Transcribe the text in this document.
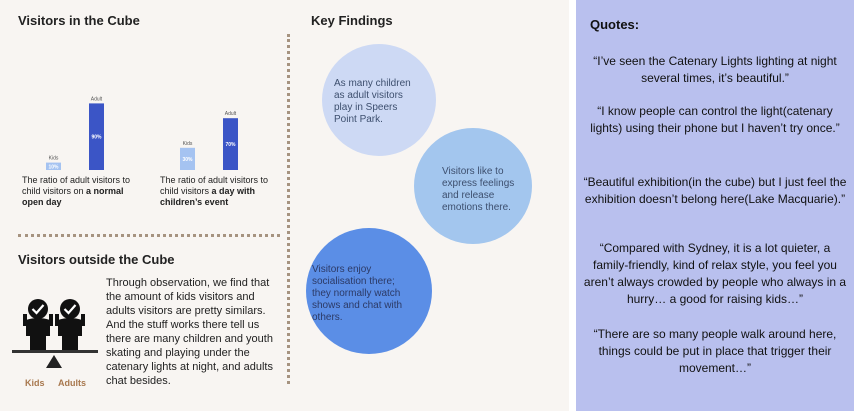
Visitors in the Cube
Kids
10%
Adult
90%
Kids
30%
Adult
70%
The ratio of adult visitors to child visitors on a normal open day
The ratio of adult visitors to child visitors a day with children’s event
Visitors outside the Cube
Kids Adults
Through observation, we find that the amount of kids visitors and adults visitors are pretty similars. And the stuff works there tell us there are many children and youth skating and playing under the catenary lights at night, and adults chat besides.
Key Findings
As many children as adult visitors play in Speers Point Park.
Visitors like to express feelings and release emotions there.
Visitors enjoy socialisation there; they normally watch shows and chat with others.
Quotes:
“I’ve seen the Catenary Lights lighting at night several times, it’s beautiful.”
“I know people can control the light(catenary lights) using their phone but I haven’t try once.”
“Beautiful exhibition(in the cube) but I just feel the exhibition doesn’t belong here(Lake Macquarie).”
“Compared with Sydney, it is a lot quieter, a family-friendly, kind of relax style, you feel you aren’t always crowded by people who always in a hurry… a good for raising kids…”
“There are so many people walk around here, things could be put in place that trigger their movement…”
